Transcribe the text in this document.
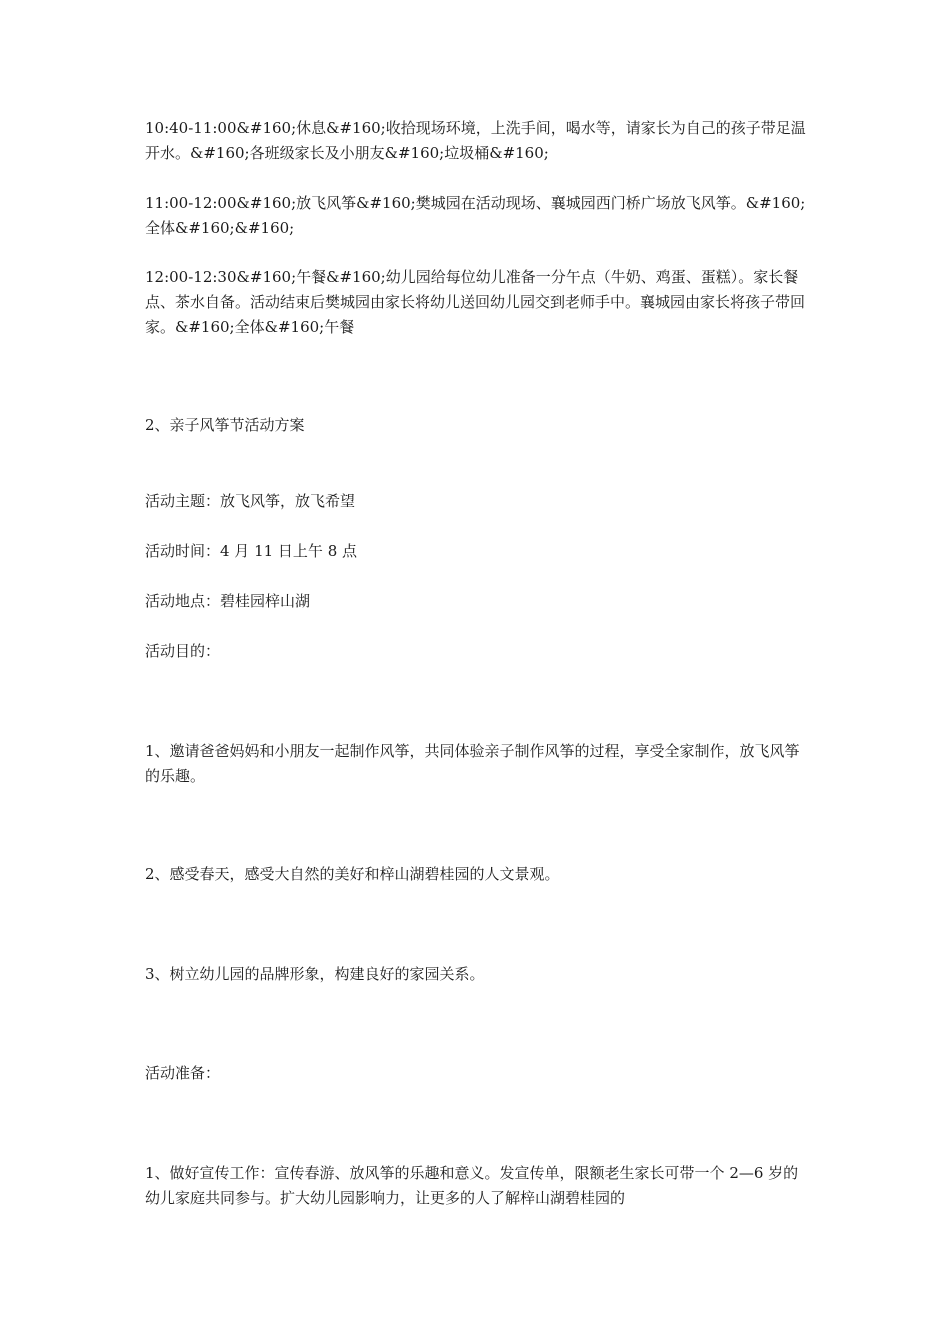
10:40-11:00&#160;休息&#160;收拾现场环境，上洗手间，喝水等，请家长为自己的孩子带足温开水。&#160;各班级家长及小朋友&#160;垃圾桶&#160;

11:00-12:00&#160;放飞风筝&#160;樊城园在活动现场、襄城园西门桥广场放飞风筝。&#160;全体&#160;&#160;

12:00-12:30&#160;午餐&#160;幼儿园给每位幼儿准备一分午点（牛奶、鸡蛋、蛋糕）。家长餐点、茶水自备。活动结束后樊城园由家长将幼儿送回幼儿园交到老师手中。襄城园由家长将孩子带回家。&#160;全体&#160;午餐

2、亲子风筝节活动方案

活动主题：放飞风筝，放飞希望

活动时间：4 月 11 日上午 8 点

活动地点：碧桂园梓山湖

活动目的：

1、邀请爸爸妈妈和小朋友一起制作风筝，共同体验亲子制作风筝的过程，享受全家制作，放飞风筝的乐趣。

2、感受春天，感受大自然的美好和梓山湖碧桂园的人文景观。

3、树立幼儿园的品牌形象，构建良好的家园关系。

活动准备：

1、做好宣传工作：宣传春游、放风筝的乐趣和意义。发宣传单，限额老生家长可带一个 2—6 岁的幼儿家庭共同参与。扩大幼儿园影响力，让更多的人了解梓山湖碧桂园的
